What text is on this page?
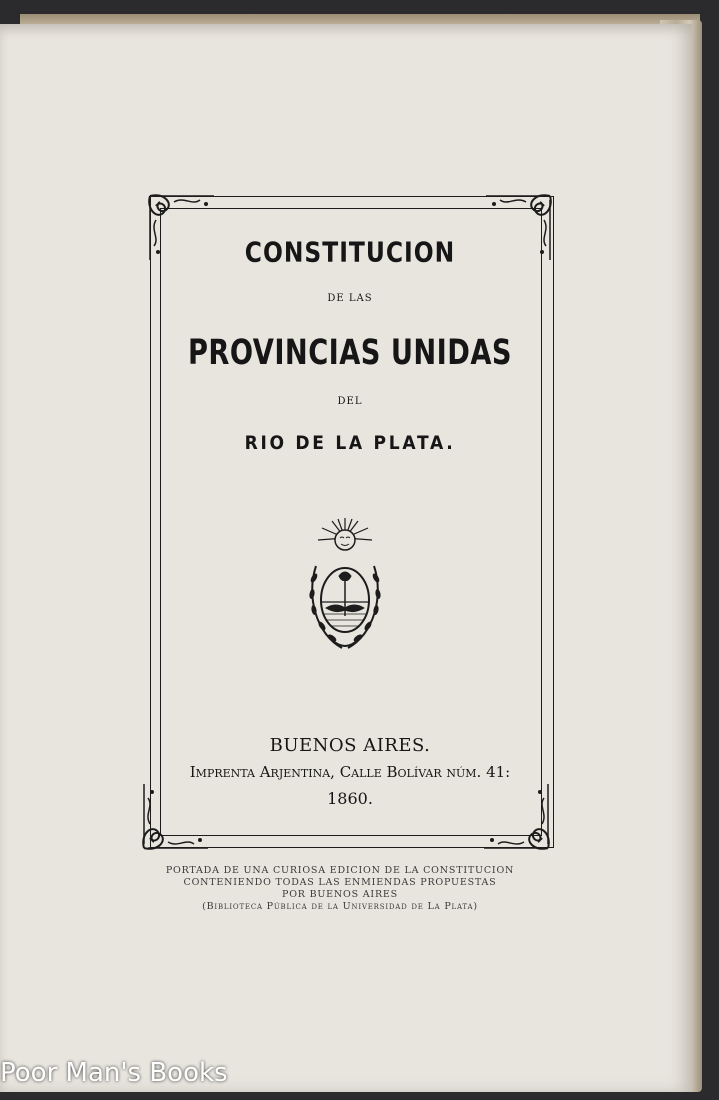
CONSTITUCION
DE LAS
PROVINCIAS UNIDAS
DEL
RIO DE LA PLATA.
BUENOS AIRES.
Imprenta Arjentina, Calle Bolívar núm. 41:
1860.
PORTADA DE UNA CURIOSA EDICION DE LA CONSTITUCION
CONTENIENDO TODAS LAS ENMIENDAS PROPUESTAS
POR BUENOS AIRES
(Biblioteca Pública de la Universidad de La Plata)
Poor Man's Books
